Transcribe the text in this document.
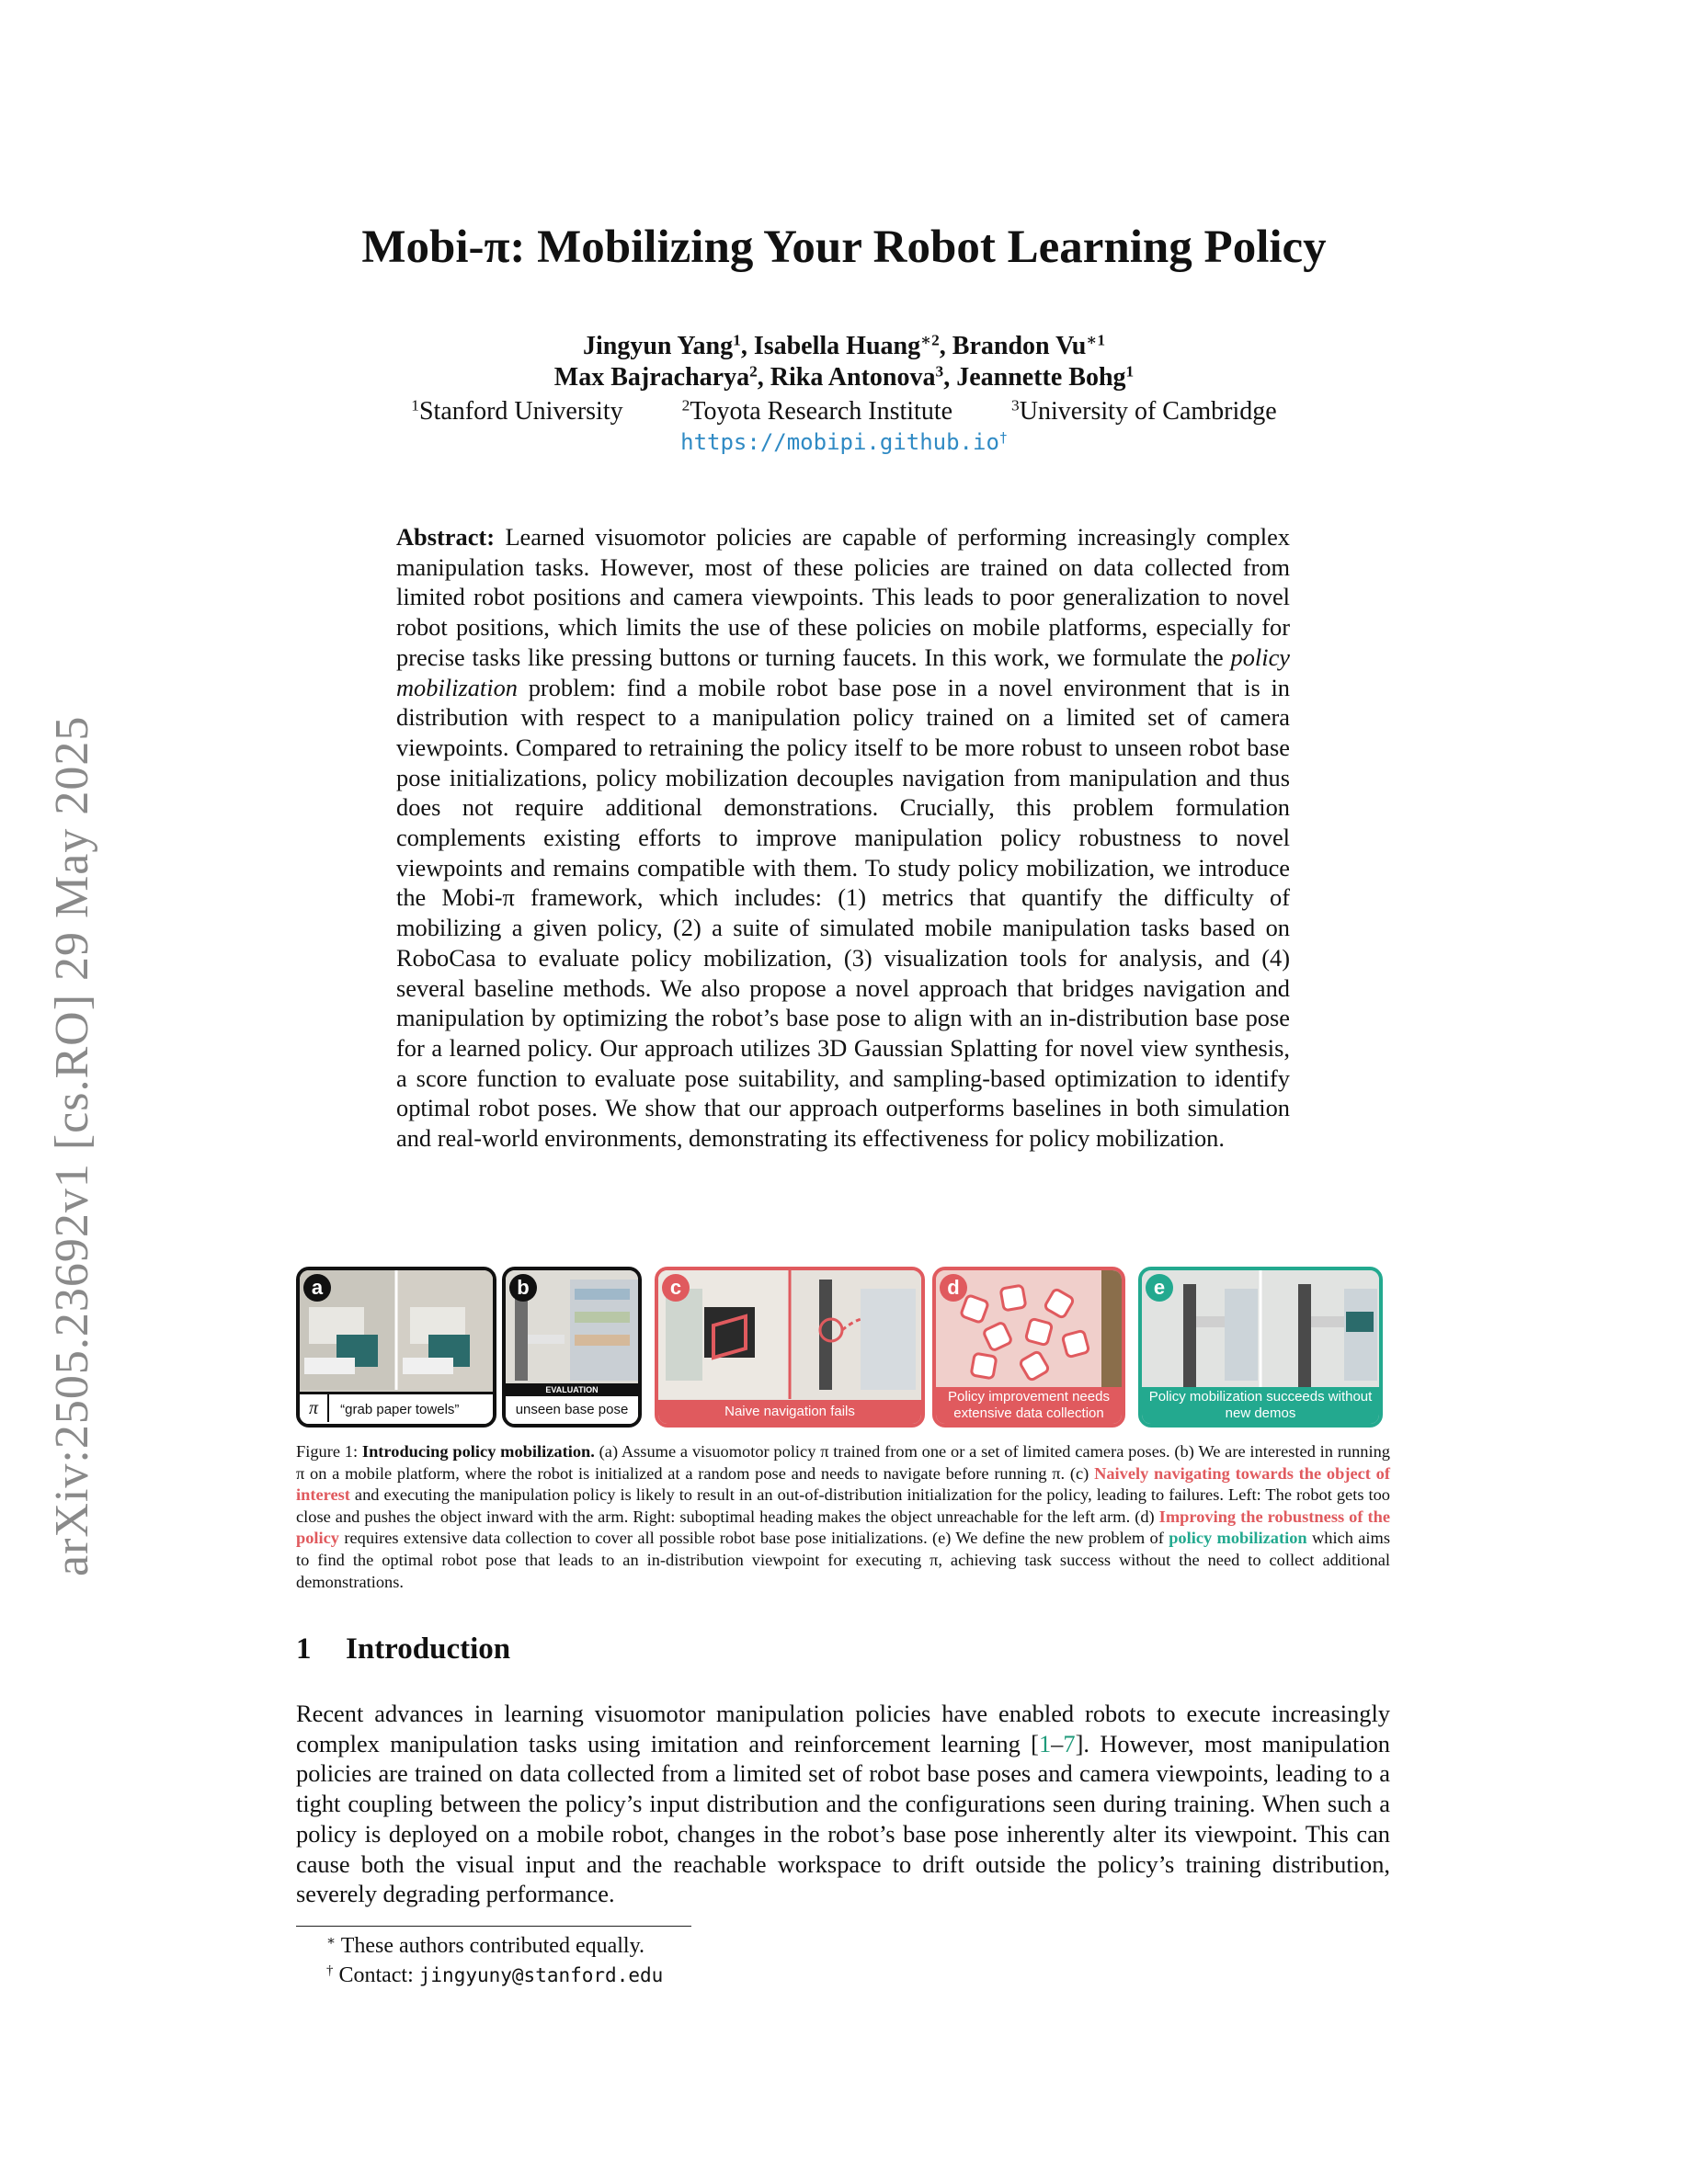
arXiv:2505.23692v1 [cs.RO] 29 May 2025
Mobi-π: Mobilizing Your Robot Learning Policy
Jingyun Yang$^1$, Isabella Huang$^{∗2}$, Brandon $Vu^{∗1}$
Max Bajracharya$^2$, Rika Antonova$^3$, Jeannette Bohg$^1$
$^1$Stanford University	$^2$Toyota Research Institute	$^3$University of Cambridge
https://mobipi.github.io†
Abstract: Learned visuomotor policies are capable of performing increasingly complex manipulation tasks. However, most of these policies are trained on data collected from limited robot positions and camera viewpoints. This leads to poor generalization to novel robot positions, which limits the use of these policies on mobile platforms, especially for precise tasks like pressing buttons or turning faucets. In this work, we formulate the policy mobilization problem: find a mobile robot base pose in a novel environment that is in distribution with respect to a manipulation policy trained on a limited set of camera viewpoints. Compared to retraining the policy itself to be more robust to unseen robot base pose initializations, policy mobilization decouples navigation from manipulation and thus does not require additional demonstrations. Crucially, this problem formulation complements existing efforts to improve manipulation policy robustness to novel viewpoints and remains compatible with them. To study policy mobilization, we introduce the Mobi-π framework, which includes: (1) metrics that quantify the difficulty of mobilizing a given policy, (2) a suite of simulated mobile manipulation tasks based on RoboCasa to evaluate policy mobilization, (3) visualization tools for analysis, and (4) several baseline methods. We also propose a novel approach that bridges navigation and manipulation by optimizing the robot’s base pose to align with an in-distribution base pose for a learned policy. Our approach utilizes 3D Gaussian Splatting for novel view synthesis, a score function to evaluate pose suitability, and sampling-based optimization to identify optimal robot poses. We show that our approach outperforms baselines in both simulation and real-world environments, demonstrating its effectiveness for policy mobilization.
π “grab paper towels”
a
EVALUATION
unseen base pose
b
Naive navigation fails
c
Policy improvement needs extensive data collection
d
Policy mobilization succeeds without new demos
e
Figure 1: Introducing policy mobilization. (a) Assume a visuomotor policy π trained from one or a set of limited camera poses. (b) We are interested in running π on a mobile platform, where the robot is initialized at a random pose and needs to navigate before running π. (c) Naively navigating towards the object of interest and executing the manipulation policy is likely to result in an out-of-distribution initialization for the policy, leading to failures. Left: The robot gets too close and pushes the object inward with the arm. Right: suboptimal heading makes the object unreachable for the left arm. (d) Improving the robustness of the policy requires extensive data collection to cover all possible robot base pose initializations. (e) We define the new problem of policy mobilization which aims to find the optimal robot pose that leads to an in-distribution viewpoint for executing π, achieving task success without the need to collect additional demonstrations.
1 Introduction
Recent advances in learning visuomotor manipulation policies have enabled robots to execute increasingly complex manipulation tasks using imitation and reinforcement learning [1–7]. However, most manipulation policies are trained on data collected from a limited set of robot base poses and camera viewpoints, leading to a tight coupling between the policy’s input distribution and the configurations seen during training. When such a policy is deployed on a mobile robot, changes in the robot’s base pose inherently alter its viewpoint. This can cause both the visual input and the reachable workspace to drift outside the policy’s training distribution, severely degrading performance.
∗ These authors contributed equally.
† Contact: jingyuny@stanford.edu
